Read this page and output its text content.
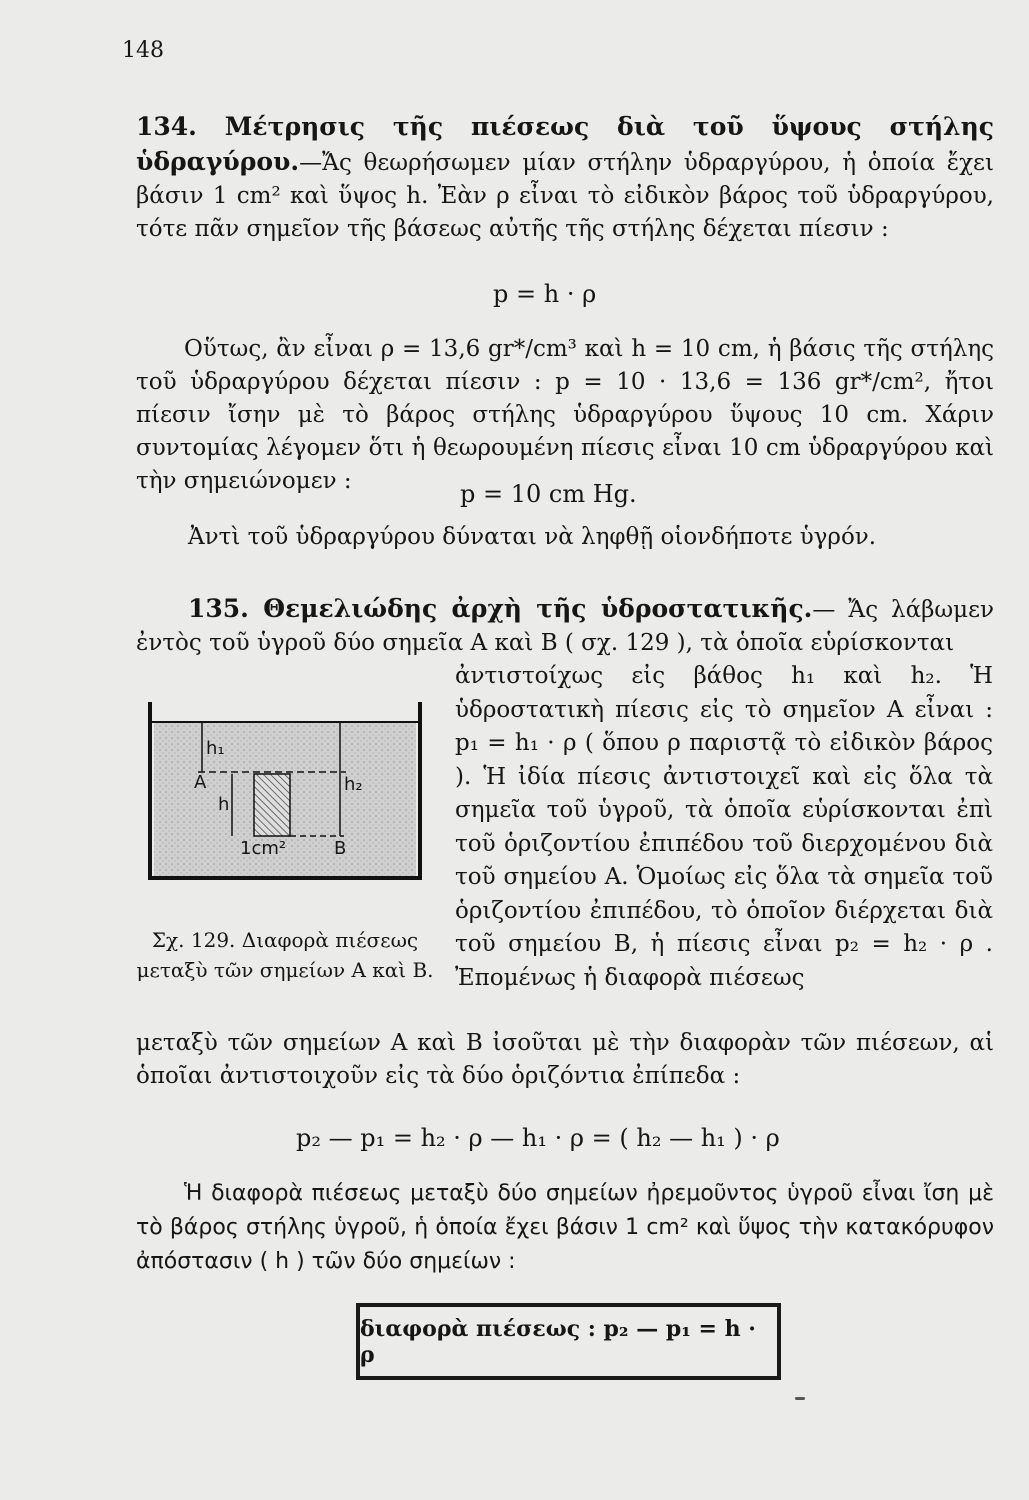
148
134. Μέτρησις τῆς πιέσεως διὰ τοῦ ὕψους στήλης ὑδραγύρου.—Ἄς θεωρήσωμεν μίαν στήλην ὑδραργύρου, ἡ ὁποία ἔχει βάσιν 1 cm² καὶ ὕψος h. Ἐὰν ρ εἶναι τὸ εἰδικὸν βάρος τοῦ ὑδραργύρου, τότε πᾶν σημεῖον τῆς βάσεως αὐτῆς τῆς στήλης δέχεται πίεσιν :
p = h · ρ
Οὕτως, ἂν εἶναι ρ = 13,6 gr*/cm³ καὶ h = 10 cm, ἡ βάσις τῆς στήλης τοῦ ὑδραργύρου δέχεται πίεσιν : p = 10 · 13,6 = 136 gr*/cm², ἤτοι πίεσιν ἴσην μὲ τὸ βάρος στήλης ὑδραργύρου ὕψους 10 cm. Χάριν συντομίας λέγομεν ὅτι ἡ θεωρουμένη πίεσις εἶναι 10 cm ὑδραργύρου καὶ τὴν σημειώνομεν :	p = 10 cm Hg.
Ἀντὶ τοῦ ὑδραργύρου δύναται νὰ ληφθῇ οἱονδήποτε ὑγρόν.
135. Θεμελιώδης ἀρχὴ τῆς ὑδροστατικῆς.— Ἄς λάβωμεν ἐντὸς τοῦ ὑγροῦ δύο σημεῖα Α καὶ Β ( σχ. 129 ), τὰ ὁποῖα εὑρίσκονται
h₁
A
h
h₂
1cm²	B
Σχ. 129. Διαφορὰ πιέσεως μεταξὺ τῶν σημείων Α καὶ Β.
ἀντιστοίχως εἰς βάθος h₁ καὶ h₂. Ἡ ὑδροστατικὴ πίεσις εἰς τὸ σημεῖον Α εἶναι : p₁ = h₁ · ρ ( ὅπου ρ παριστᾷ τὸ εἰδικὸν βάρος ). Ἡ ἰδία πίεσις ἀντιστοιχεῖ καὶ εἰς ὅλα τὰ σημεῖα τοῦ ὑγροῦ, τὰ ὁποῖα εὑρίσκονται ἐπὶ τοῦ ὁριζοντίου ἐπιπέδου τοῦ διερχομένου διὰ τοῦ σημείου Α. Ὁμοίως εἰς ὅλα τὰ σημεῖα τοῦ ὁριζοντίου ἐπιπέδου, τὸ ὁποῖον διέρχεται διὰ τοῦ σημείου Β, ἡ πίεσις εἶναι p₂ = h₂ · ρ . Ἐπομένως ἡ διαφορὰ πιέσεως
μεταξὺ τῶν σημείων Α καὶ Β ἰσοῦται μὲ τὴν διαφορὰν τῶν πιέσεων, αἱ ὁποῖαι ἀντιστοιχοῦν εἰς τὰ δύο ὁριζόντια ἐπίπεδα :
p₂ — p₁ = h₂ · ρ — h₁ · ρ = ( h₂ — h₁ ) · ρ
Ἡ διαφορὰ πιέσεως μεταξὺ δύο σημείων ἠρεμοῦντος ὑγροῦ εἶναι ἴση μὲ τὸ βάρος στήλης ὑγροῦ, ἡ ὁποία ἔχει βάσιν 1 cm² καὶ ὕψος τὴν κατακόρυφον ἀπόστασιν ( h ) τῶν δύο σημείων :
διαφορὰ πιέσεως : p₂ — p₁ = h · ρ
